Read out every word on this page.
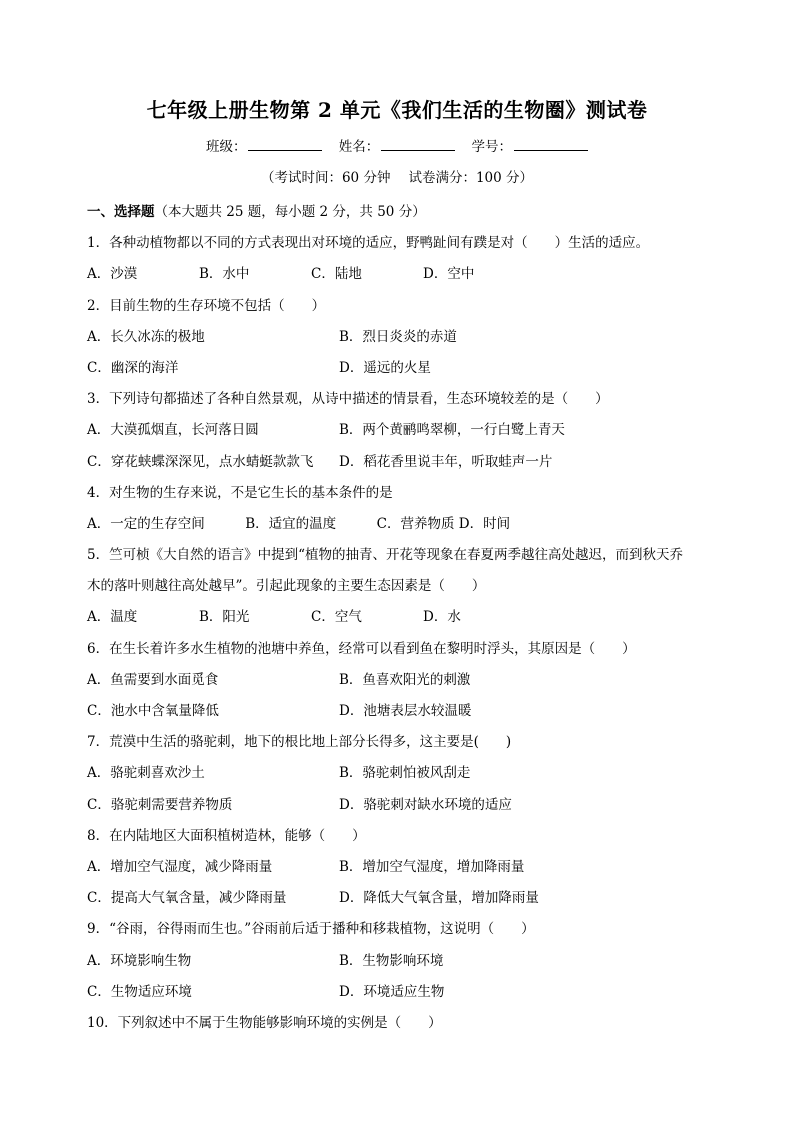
七年级上册生物第 2 单元《我们生活的生物圈》测试卷
班级：	姓名：	学号：
（考试时间：60 分钟 试卷满分：100 分）
一、选择题（本大题共 25 题，每小题 2 分，共 50 分）
1．各种动植物都以不同的方式表现出对环境的适应，野鸭趾间有蹼是对（　　）生活的适应。
A．沙漠	B．水中	C．陆地	D．空中
2．目前生物的生存环境不包括（　　）
A．长久冰冻的极地	B．烈日炎炎的赤道
C．幽深的海洋	D．遥远的火星
3．下列诗句都描述了各种自然景观，从诗中描述的情景看，生态环境较差的是（　　）
A．大漠孤烟直，长河落日圆	B．两个黄鹂鸣翠柳，一行白鹭上青天
C．穿花蛱蝶深深见，点水蜻蜓款款飞	D．稻花香里说丰年，听取蛙声一片
4．对生物的生存来说，不是它生长的基本条件的是
A．一定的生存空间　　　B．适宜的温度　　　C．营养物质 D．时间
5．竺可桢《大自然的语言》中提到“植物的抽青、开花等现象在春夏两季越往高处越迟，而到秋天乔
木的落叶则越往高处越早”。引起此现象的主要生态因素是（　　）
A．温度	B．阳光	C．空气	D．水
6．在生长着许多水生植物的池塘中养鱼，经常可以看到鱼在黎明时浮头，其原因是（　　）
A．鱼需要到水面觅食	B．鱼喜欢阳光的刺激
C．池水中含氧量降低	D．池塘表层水较温暖
7．荒漠中生活的骆驼刺，地下的根比地上部分长得多，这主要是(　　)
A．骆驼刺喜欢沙土	B．骆驼刺怕被风刮走
C．骆驼刺需要营养物质	D．骆驼刺对缺水环境的适应
8．在内陆地区大面积植树造林，能够（　　）
A．增加空气湿度，减少降雨量	B．增加空气湿度，增加降雨量
C．提高大气氧含量，减少降雨量	D．降低大气氧含量，增加降雨量
9．“谷雨，谷得雨而生也。”谷雨前后适于播种和移栽植物，这说明（　　）
A．环境影响生物	B．生物影响环境
C．生物适应环境	D．环境适应生物
10．下列叙述中不属于生物能够影响环境的实例是（　　）
